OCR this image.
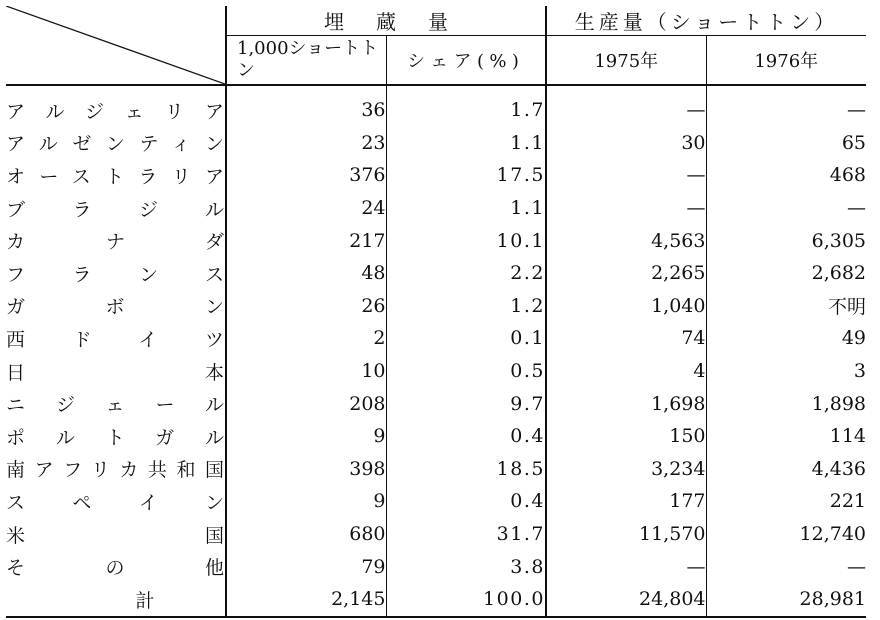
	埋蔵量		生産量（ショートトン）	
	1,000ショートトン	シェア(%)	1975年	1976年
アルジェリア	36	1.7	—	—
アルゼンティン	23	1.1	30	65
オーストラリア	376	17.5	—	468
ブラジル	24	1.1	—	—
カナダ	217	10.1	4,563	6,305
フランス	48	2.2	2,265	2,682
ガボン	26	1.2	1,040	不明
西ドイツ	2	0.1	74	49
日本	10	0.5	4	3
ニジェール	208	9.7	1,698	1,898
ポルトガル	9	0.4	150	114
南アフリカ共和国	398	18.5	3,234	4,436
スペイン	9	0.4	177	221
米国	680	31.7	11,570	12,740
その他	79	3.8	—	—
計	2,145	100.0	24,804	28,981
